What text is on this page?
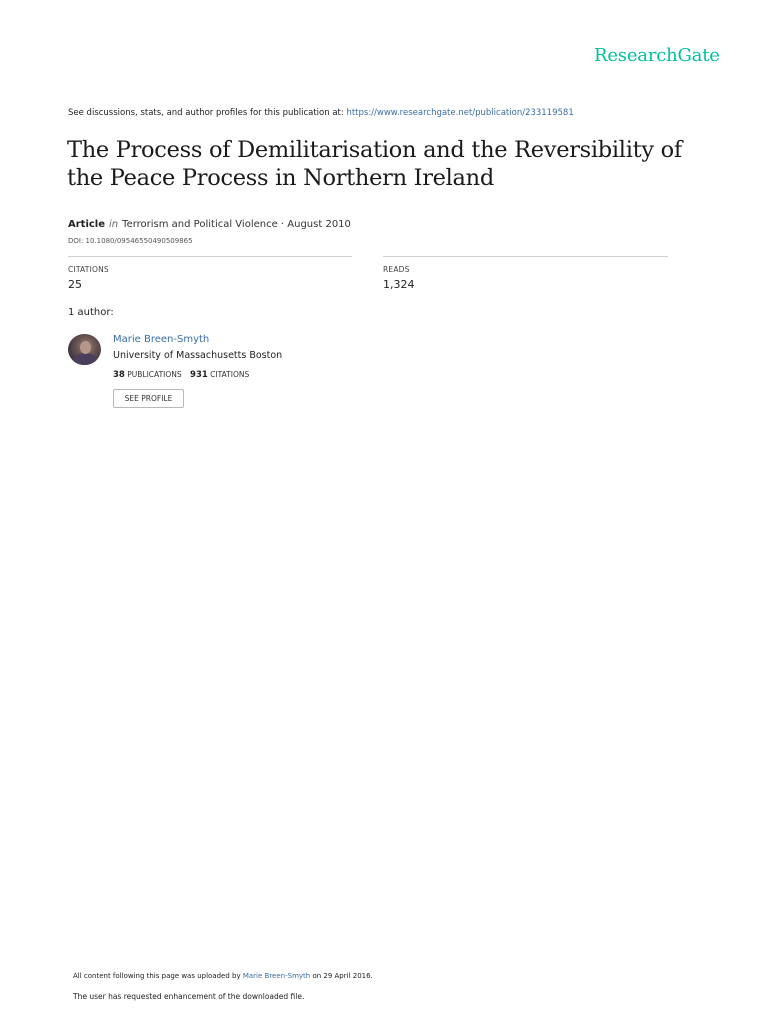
ResearchGate
See discussions, stats, and author profiles for this publication at: https://www.researchgate.net/publication/233119581
The Process of Demilitarisation and the Reversibility of the Peace Process in Northern Ireland
Article in Terrorism and Political Violence · August 2010
DOI: 10.1080/09546550490509865
CITATIONS
25
READS
1,324
1 author:
Marie Breen-Smyth
University of Massachusetts Boston
38 PUBLICATIONS 931 CITATIONS
SEE PROFILE
All content following this page was uploaded by Marie Breen-Smyth on 29 April 2016.
The user has requested enhancement of the downloaded file.
